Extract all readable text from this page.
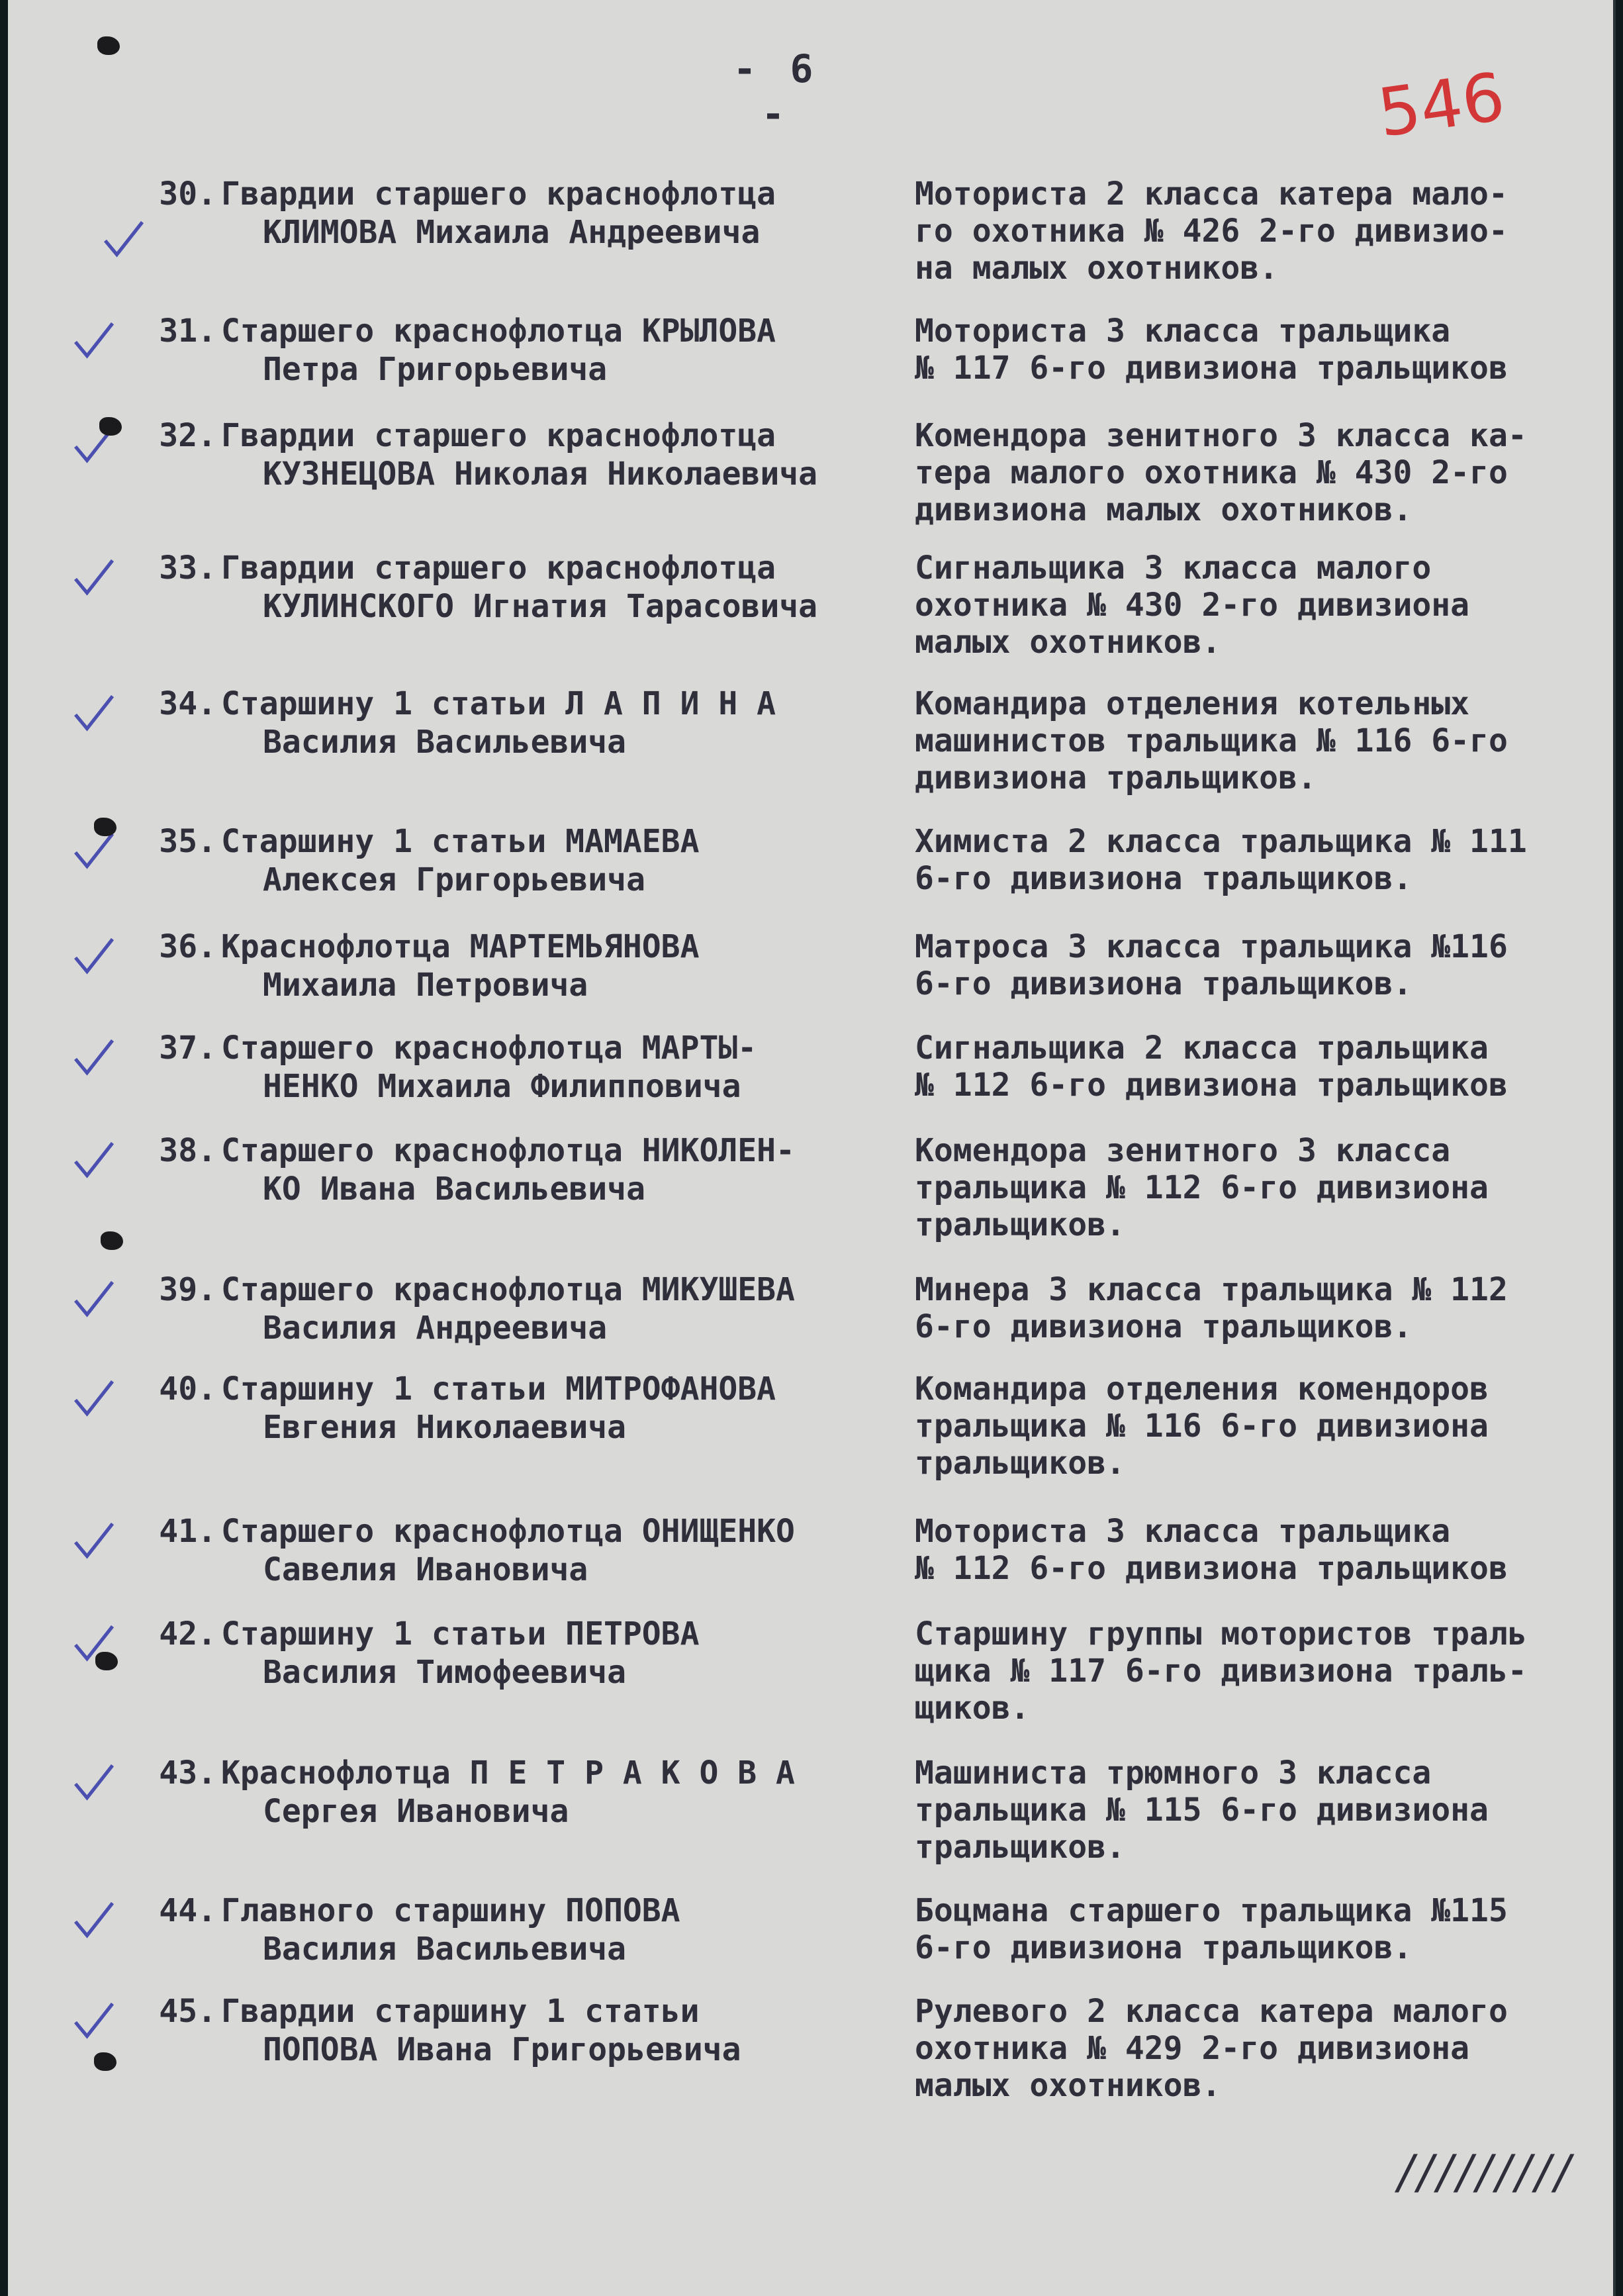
- 6 -	546
30. Гвардии старшего краснофлотца
КЛИМОВА Михаила Андреевича
Моториста 2 класса катера мало-
го охотника № 426 2-го дивизио-
на малых охотников.
31. Старшего краснофлотца КРЫЛОВА
Петра Григорьевича
Моториста 3 класса тральщика
№ 117 6-го дивизиона тральщиков
32. Гвардии старшего краснофлотца
КУЗНЕЦОВА Николая Николаевича
Комендора зенитного 3 класса ка-
тера малого охотника № 430 2-го
дивизиона малых охотников.
33. Гвардии старшего краснофлотца
КУЛИНСКОГО Игнатия Тарасовича
Сигнальщика 3 класса малого
охотника № 430 2-го дивизиона
малых охотников.
34. Старшину 1 статьи Л А П И Н А
Василия Васильевича
Командира отделения котельных
машинистов тральщика № 116 6-го
дивизиона тральщиков.
35. Старшину 1 статьи МАМАЕВА
Алексея Григорьевича
Химиста 2 класса тральщика № 111
6-го дивизиона тральщиков.
36. Краснофлотца МАРТЕМЬЯНОВА
Михаила Петровича
Матроса 3 класса тральщика №116
6-го дивизиона тральщиков.
37. Старшего краснофлотца МАРТЫ-
НЕНКО Михаила Филипповича
Сигнальщика 2 класса тральщика
№ 112 6-го дивизиона тральщиков
38. Старшего краснофлотца НИКОЛЕН-
КО Ивана Васильевича
Комендора зенитного 3 класса
тральщика № 112 6-го дивизиона
тральщиков.
39. Старшего краснофлотца МИКУШЕВА
Василия Андреевича
Минера 3 класса тральщика № 112
6-го дивизиона тральщиков.
40. Старшину 1 статьи МИТРОФАНОВА
Евгения Николаевича
Командира отделения комендоров
тральщика № 116 6-го дивизиона
тральщиков.
41. Старшего краснофлотца ОНИЩЕНКО
Савелия Ивановича
Моториста 3 класса тральщика
№ 112 6-го дивизиона тральщиков
42. Старшину 1 статьи ПЕТРОВА
Василия Тимофеевича
Старшину группы мотористов траль
щика № 117 6-го дивизиона траль-
щиков.
43. Краснофлотца П Е Т Р А К О В А
Сергея Ивановича
Машиниста трюмного 3 класса
тральщика № 115 6-го дивизиона
тральщиков.
44. Главного старшину ПОПОВА
Василия Васильевича
Боцмана старшего тральщика №115
6-го дивизиона тральщиков.
45. Гвардии старшину 1 статьи
ПОПОВА Ивана Григорьевича
Рулевого 2 класса катера малого
охотника № 429 2-го дивизиона
малых охотников.
/////////
